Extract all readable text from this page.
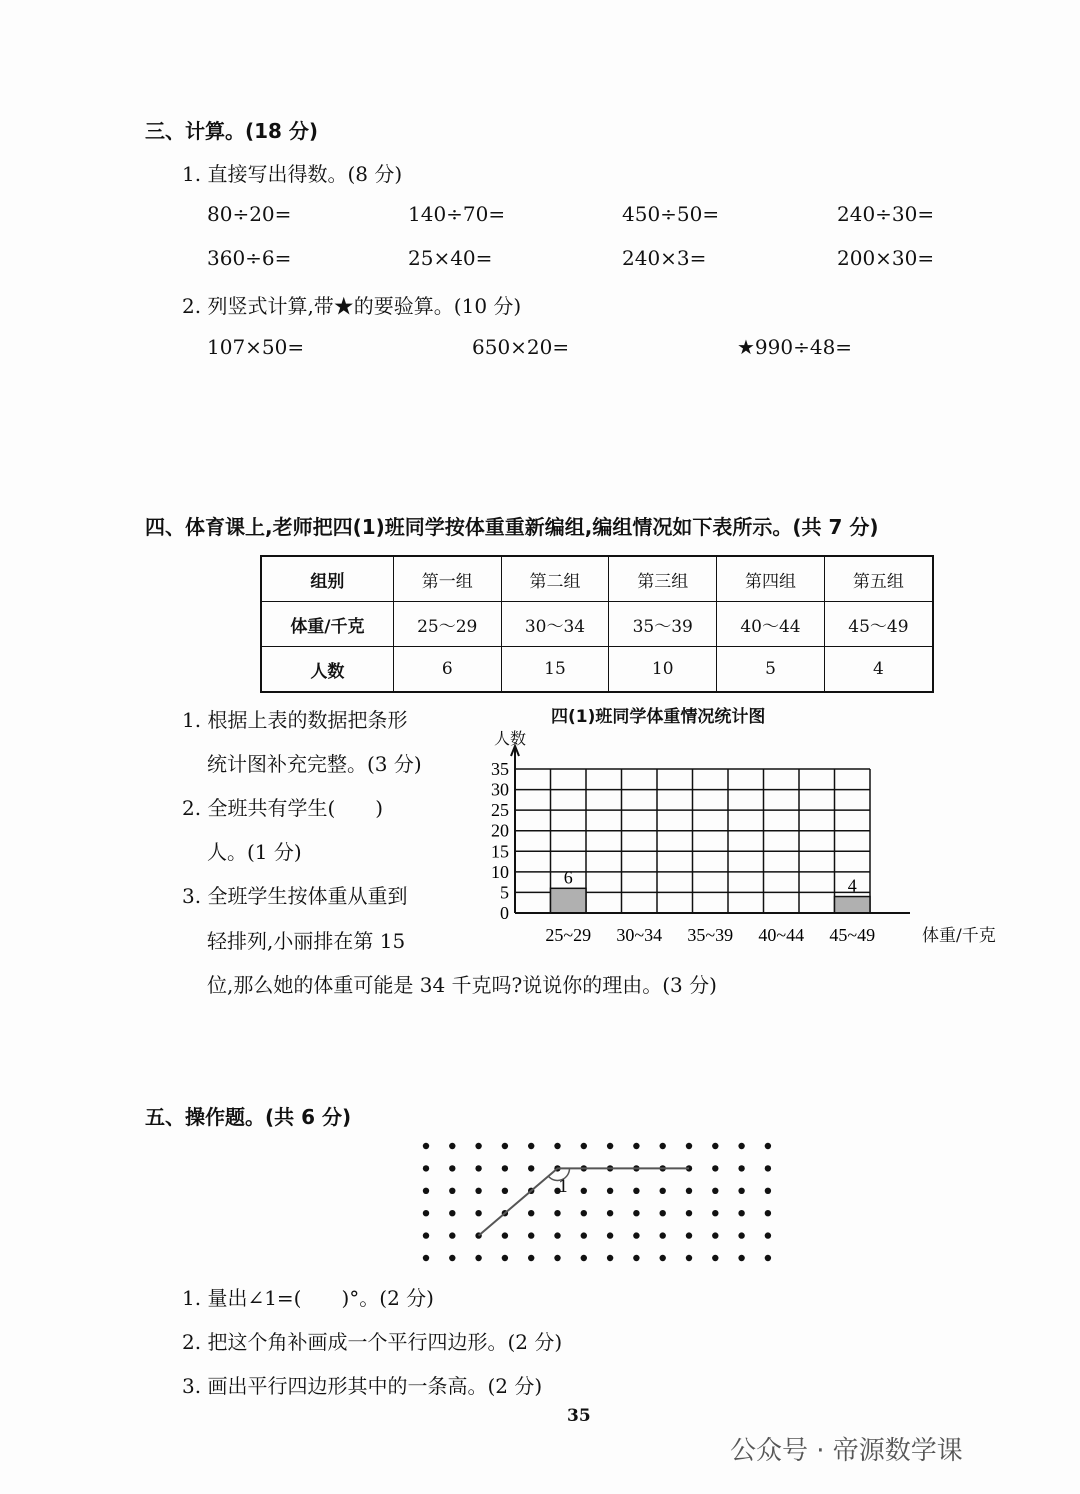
三、计算。(18 分)
1. 直接写出得数。(8 分)
80÷20=	140÷70=	450÷50=	240÷30=
360÷6=	25×40=	240×3=	200×30=
2. 列竖式计算,带★的要验算。(10 分)
107×50=	650×20=	★990÷48=
四、体育课上,老师把四(1)班同学按体重重新编组,编组情况如下表所示。(共 7 分)
组别	第一组	第二组	第三组	第四组	第五组
体重/千克	25～29	30～34	35～39	40～44	45～49
人数	6	15	10	5	4
1. 根据上表的数据把条形
统计图补充完整。(3 分)
2. 全班共有学生(　　)
人。(1 分)
3. 全班学生按体重从重到
轻排列,小丽排在第 15
位,那么她的体重可能是 34 千克吗?说说你的理由。(3 分)
四(1)班同学体重情况统计图
人数
体重/千克
0
5
10
15
20
25
30
35
6
25~29 30~34 35~39 40~44
4
45~49
五、操作题。(共 6 分)
1
1. 量出∠1=(　　)°。(2 分)
2. 把这个角补画成一个平行四边形。(2 分)
3. 画出平行四边形其中的一条高。(2 分)
35
公众号 · 帝源数学课
